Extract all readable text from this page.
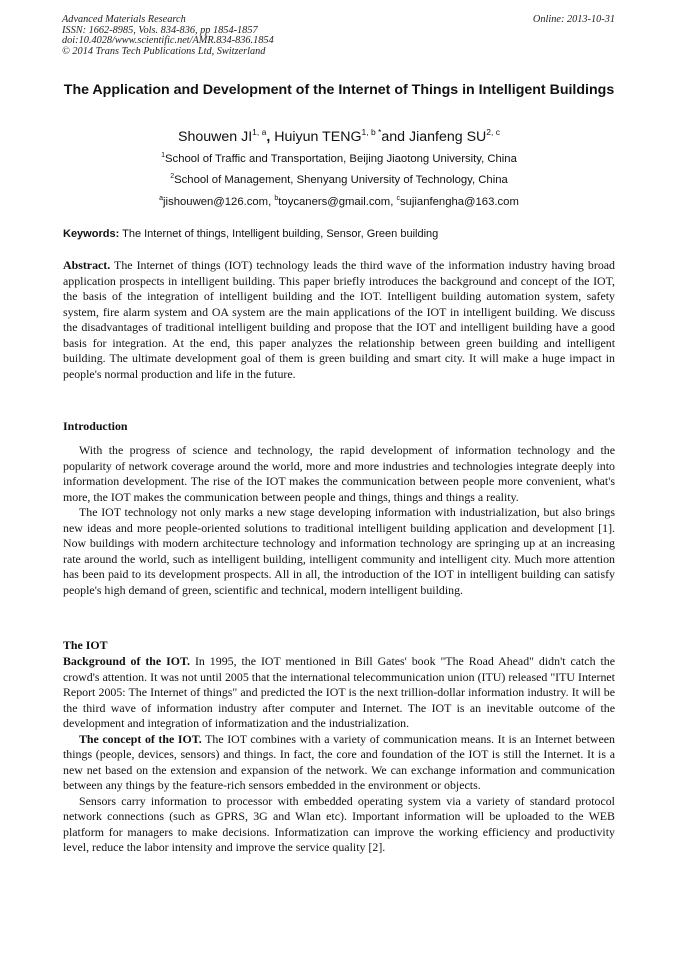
Advanced Materials Research
ISSN: 1662-8985, Vols. 834-836, pp 1854-1857
doi:10.4028/www.scientific.net/AMR.834-836.1854
© 2014 Trans Tech Publications Ltd, Switzerland
Online: 2013-10-31
The Application and Development of the Internet of Things in Intelligent Buildings
Shouwen JI$^{1, a}$, Huiyun $TENG^{1, b *}and$ Jianfeng SU$^{2, c}$
$^1$School of Traffic and Transportation, Beijing Jiaotong University, China
$^2$School of Management, Shenyang University of Technology, China
$^a$jishouwen@126.com, $^b$toycaners@gmail.com, $^c$sujianfengha@163.com
Keywords: The Internet of things, Intelligent building, Sensor, Green building

Abstract. The Internet of things (IOT) technology leads the third wave of the information industry having broad application prospects in intelligent building. This paper briefly introduces the background and concept of the IOT, the basis of the integration of intelligent building and the IOT. Intelligent building automation system, safety system, fire alarm system and OA system are the main applications of the IOT in intelligent building. We discuss the disadvantages of traditional intelligent building and propose that the IOT and intelligent building have a good basis for integration. At the end, this paper analyzes the relationship between green building and intelligent building. The ultimate development goal of them is green building and smart city. It will make a huge impact in people's normal production and life in the future.

Introduction

With the progress of science and technology, the rapid development of information technology and the popularity of network coverage around the world, more and more industries and technologies integrate deeply into information development. The rise of the IOT makes the communication between people more convenient, what's more, the IOT makes the communication between people and things, things and things a reality.

The IOT technology not only marks a new stage developing information with industrialization, but also brings new ideas and more people-oriented solutions to traditional intelligent building application and development [1]. Now buildings with modern architecture technology and information technology are springing up at an increasing rate around the world, such as intelligent building, intelligent community and intelligent city. Much more attention has been paid to its development prospects. All in all, the introduction of the IOT in intelligent building can satisfy people's high demand of green, scientific and technical, modern intelligent building.

The IOT

Background of the IOT. In 1995, the IOT mentioned in Bill Gates' book "The Road Ahead" didn't catch the crowd's attention. It was not until 2005 that the international telecommunication union (ITU) released "ITU Internet Report 2005: The Internet of things" and predicted the IOT is the next trillion-dollar information industry. It will be the third wave of information industry after computer and Internet. The IOT is an inevitable outcome of the development and integration of informatization and the industrialization.

The concept of the IOT. The IOT combines with a variety of communication means. It is an Internet between things (people, devices, sensors) and things. In fact, the core and foundation of the IOT is still the Internet. It is a new net based on the extension and expansion of the network. We can exchange information and communication between any things by the feature-rich sensors embedded in the environment or objects.

Sensors carry information to processor with embedded operating system via a variety of standard protocol network connections (such as GPRS, 3G and Wlan etc). Important information will be uploaded to the WEB platform for managers to make decisions. Informatization can improve the working efficiency and productivity level, reduce the labor intensity and improve the service quality [2].
